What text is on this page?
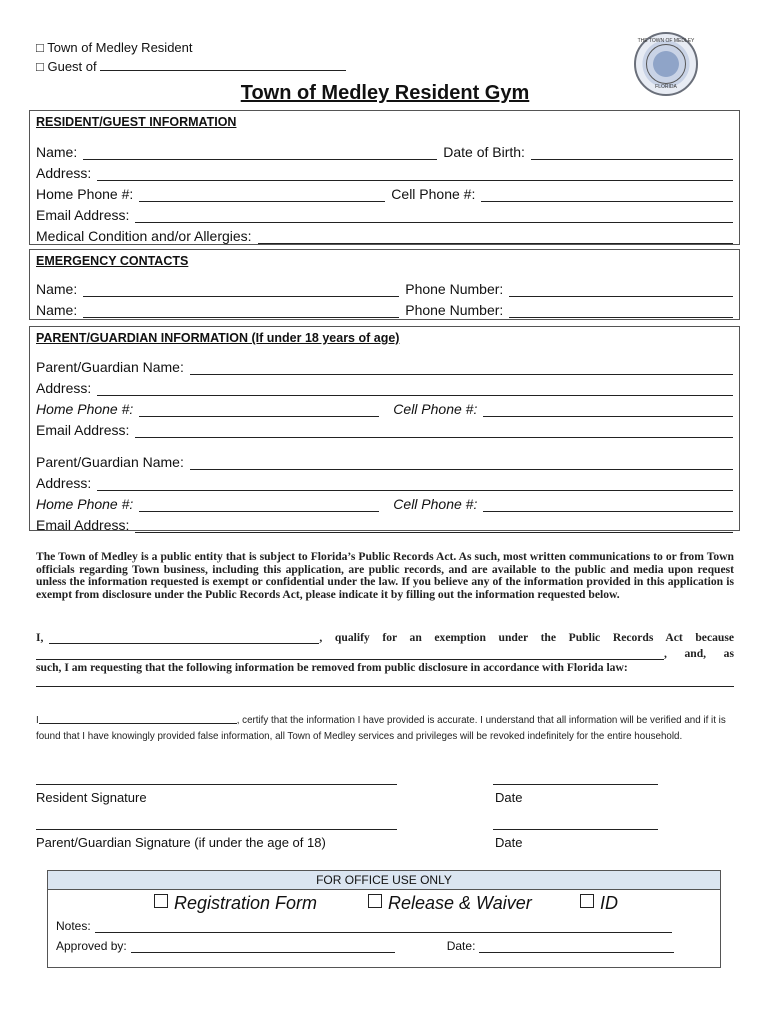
□ Town of Medley Resident
□ Guest of
THE TOWN OF MEDLEY
FLORIDA
Town of Medley Resident Gym
RESIDENT/GUEST INFORMATION
Name:	Date of Birth:
Address:
Home Phone #:	Cell Phone #:
Email Address:
Medical Condition and/or Allergies:
EMERGENCY CONTACTS
Name:	Phone Number:
Name:	Phone Number:
PARENT/GUARDIAN INFORMATION (If under 18 years of age)
Parent/Guardian Name:
Address:
Home Phone #:	Cell Phone #:
Email Address:
Parent/Guardian Name:
Address:
Home Phone #:	Cell Phone #:
Email Address:
The Town of Medley is a public entity that is subject to Florida’s Public Records Act. As such, most written communications to or from Town officials regarding Town business, including this application, are public records, and are available to the public and media upon request unless the information requested is exempt or confidential under the law. If you believe any of the information provided in this application is exempt from disclosure under the Public Records Act, please indicate it by filling out the information requested below.
I,	, qualify for an exemption under the Public Records Act because
, and, as
such, I am requesting that the following information be removed from public disclosure in accordance with Florida law:
I	, certify that the information I have provided is accurate. I understand that all information will be verified and if it is found that I have knowingly provided false information, all Town of Medley services and privileges will be revoked indefinitely for the entire household.
Resident Signature	Date
Parent/Guardian Signature (if under the age of 18)	Date
FOR OFFICE USE ONLY
Registration Form	Release & Waiver	ID
Notes:
Approved by:	Date:
